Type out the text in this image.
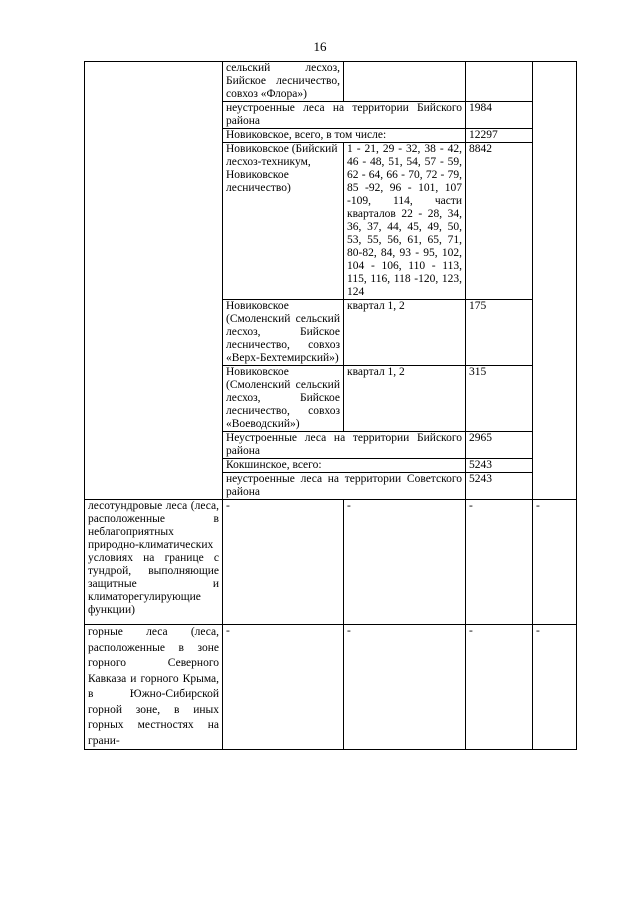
16
	сельский лесхоз, Бийское лесничество, совхоз «Флора»)			
	неустроенные леса на территории Бийского района		1984	
	Новиковское, всего, в том числе:		12297	
	Новиковское (Бийский лесхоз-техникум, Новиковское лесничество)	1 - 21, 29 - 32, 38 - 42, 46 - 48, 51, 54, 57 - 59, 62 - 64, 66 - 70, 72 - 79, 85 -92, 96 - 101, 107 -109, 114, части кварталов 22 - 28, 34, 36, 37, 44, 45, 49, 50, 53, 55, 56, 61, 65, 71, 80-82, 84, 93 - 95, 102, 104 - 106, 110 - 113, 115, 116, 118 -120, 123, 124	8842	
	Новиковское (Смоленский сельский лесхоз, Бийское лесничество, совхоз «Верх-Бехтемирский»)	квартал 1, 2	175	
	Новиковское (Смоленский сельский лесхоз, Бийское лесничество, совхоз «Воеводский»)	квартал 1, 2	315	
	Неустроенные леса на территории Бийского района		2965	
	Кокшинское, всего:		5243	
	неустроенные леса на территории Советского района		5243	
лесотундровые леса (леса, расположенные в неблагоприятных природно-климатических условиях на границе с тундрой, выполняющие защитные и климаторегулирующие функции)	-	-	-	-
горные леса (леса, расположенные в зоне горного Северного Кавказа и горного Крыма, в Южно-Сибирской горной зоне, в иных горных местностях на грани-	-	-	-	-
